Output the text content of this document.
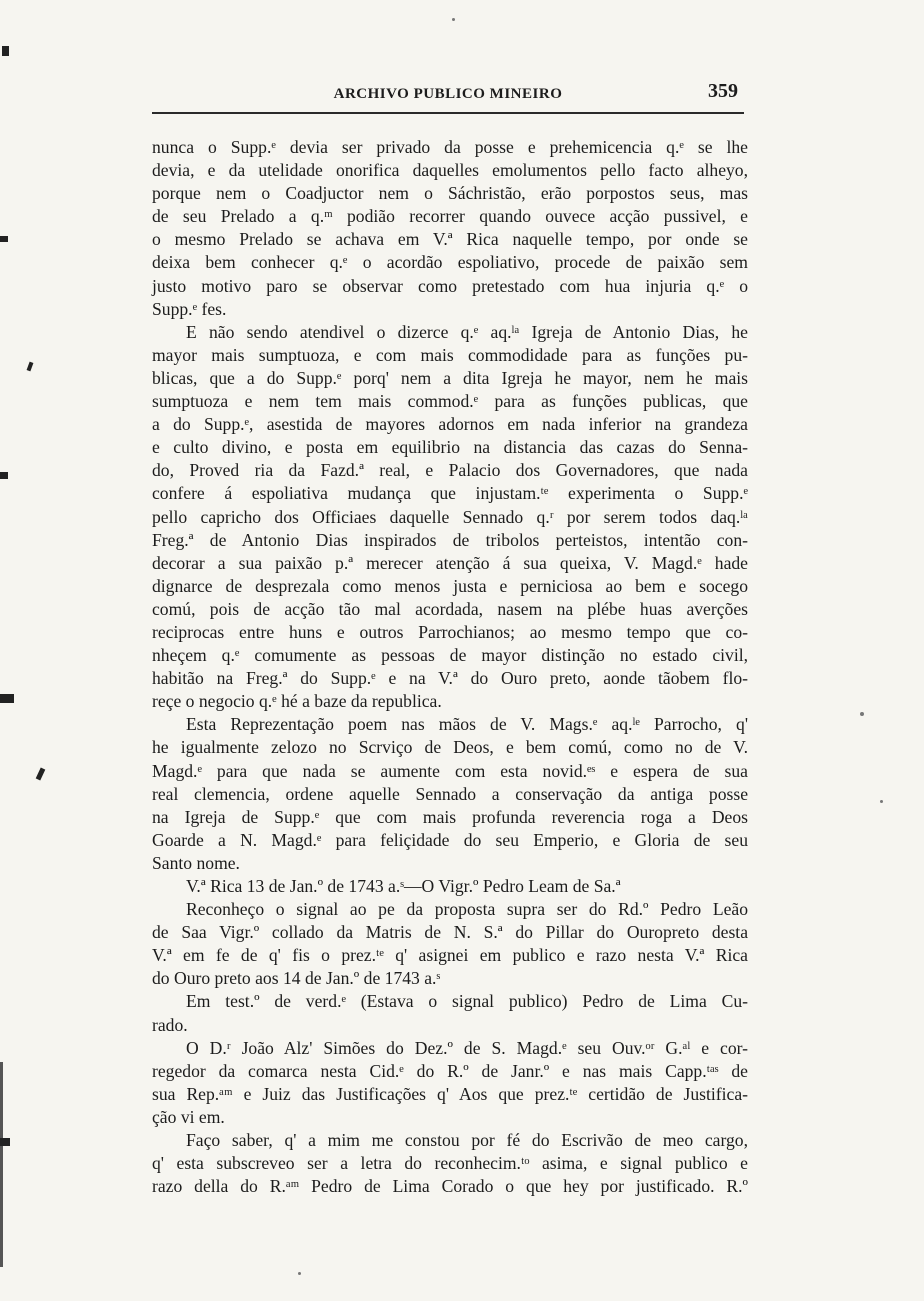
ARCHIVO PUBLICO MINEIRO	359
nunca o Supp.ᵉ devia ser privado da posse e prehemicencia q.ᵉ se lhe
devia, e da utelidade onorifica daquelles emolumentos pello facto alheyo,
porque nem o Coadjuctor nem o Sáchristão, erão porpostos seus, mas
de seu Prelado a q.ᵐ podião recorrer quando ouvece acção pussivel, e
o mesmo Prelado se achava em V.ª Rica naquelle tempo, por onde se
deixa bem conhecer q.ᵉ o acordão espoliativo, procede de paixão sem
justo motivo paro se observar como pretestado com hua injuria q.ᵉ o
Supp.ᵉ fes.
E não sendo atendivel o dizerce q.ᵉ aq.ˡᵃ Igreja de Antonio Dias, he
mayor mais sumptuoza, e com mais commodidade para as funções pu-
blicas, que a do Supp.ᵉ porq' nem a dita Igreja he mayor, nem he mais
sumptuoza e nem tem mais commod.ᵉ para as funções publicas, que
a do Supp.ᵉ, asestida de mayores adornos em nada inferior na grandeza
e culto divino, e posta em equilibrio na distancia das cazas do Senna-
do, Proved ria da Fazd.ª real, e Palacio dos Governadores, que nada
confere á espoliativa mudança que injustam.ᵗᵉ experimenta o Supp.ᵉ
pello capricho dos Officiaes daquelle Sennado q.ʳ por serem todos daq.ˡᵃ
Freg.ª de Antonio Dias inspirados de tribolos perteistos, intentão con-
decorar a sua paixão p.ª merecer atenção á sua queixa, V. Magd.ᵉ hade
dignarce de desprezala como menos justa e perniciosa ao bem e socego
comú, pois de acção tão mal acordada, nasem na plébe huas averções
reciprocas entre huns e outros Parrochianos; ao mesmo tempo que co-
nheçem q.ᵉ comumente as pessoas de mayor distinção no estado civil,
habitão na Freg.ª do Supp.ᵉ e na V.ª do Ouro preto, aonde tãobem flo-
reçe o negocio q.ᵉ hé a baze da republica.
Esta Reprezentação poem nas mãos de V. Mags.ᵉ aq.ˡᵉ Parrocho, q'
he igualmente zelozo no Scrviço de Deos, e bem comú, como no de V.
Magd.ᵉ para que nada se aumente com esta novid.ᵉˢ e espera de sua
real clemencia, ordene aquelle Sennado a conservação da antiga posse
na Igreja de Supp.ᵉ que com mais profunda reverencia roga a Deos
Goarde a N. Magd.ᵉ para feliçidade do seu Emperio, e Gloria de seu
Santo nome.
V.ª Rica 13 de Jan.º de 1743 a.ˢ—O Vigr.º Pedro Leam de Sa.ª
Reconheço o signal ao pe da proposta supra ser do Rd.º Pedro Leão
de Saa Vigr.º collado da Matris de N. S.ª do Pillar do Ouropreto desta
V.ª em fe de q' fis o prez.ᵗᵉ q' asignei em publico e razo nesta V.ª Rica
do Ouro preto aos 14 de Jan.º de 1743 a.ˢ
Em test.º de verd.ᵉ (Estava o signal publico) Pedro de Lima Cu-
rado.
O D.ʳ João Alz' Simões do Dez.º de S. Magd.ᵉ seu Ouv.ᵒʳ G.ᵃˡ e cor-
regedor da comarca nesta Cid.ᵉ do R.º de Janr.º e nas mais Capp.ᵗᵃˢ de
sua Rep.ᵃᵐ e Juiz das Justificações q' Aos que prez.ᵗᵉ certidão de Justifica-
ção vi em.
Faço saber, q' a mim me constou por fé do Escrivão de meo cargo,
q' esta subscreveo ser a letra do reconhecim.ᵗᵒ asima, e signal publico e
razo della do R.ᵃᵐ Pedro de Lima Corado o que hey por justificado. R.º
